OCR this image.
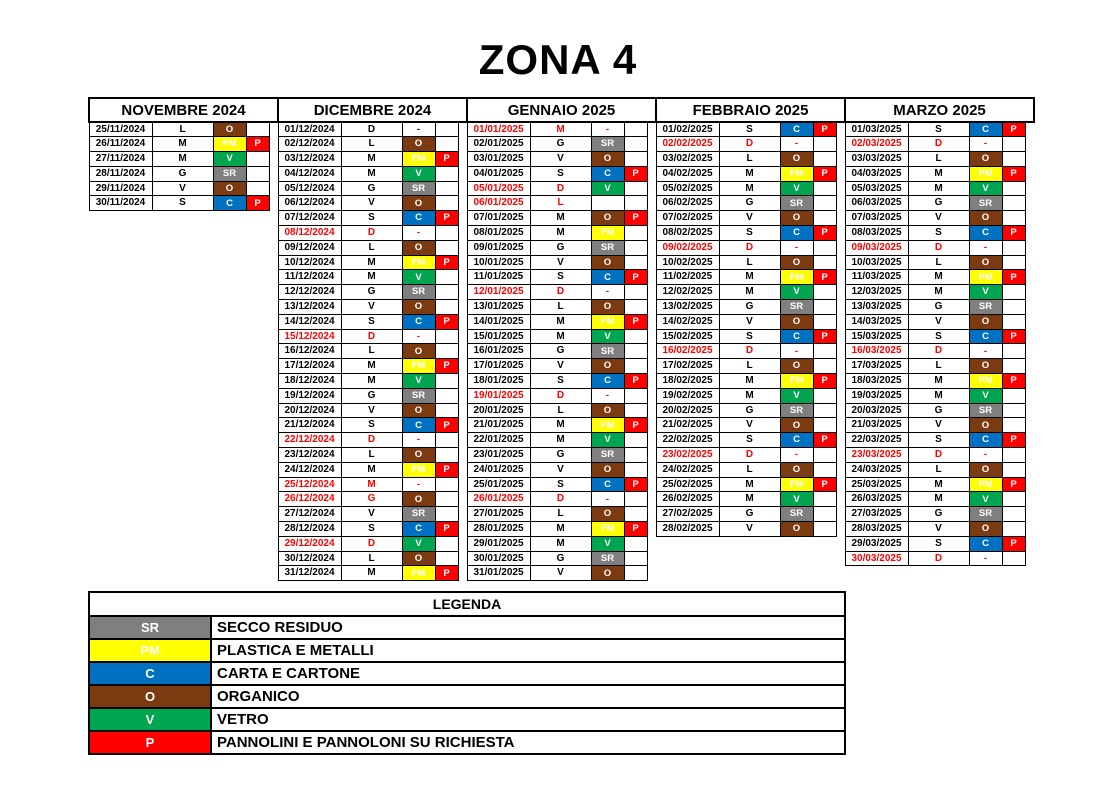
ZONA 4
NOVEMBRE 2024					DICEMBRE 2024					GENNAIO 2025					FEBBRAIO 2025					MARZO 2025				
25/11/2024	L	O			01/12/2024	D	-			01/01/2025	M	-			01/02/2025	S	C	P		01/03/2025	S	C	P	
26/11/2024	M	PM	P		02/12/2024	L	O			02/01/2025	G	SR			02/02/2025	D	-			02/03/2025	D	-		
27/11/2024	M	V			03/12/2024	M	PM	P		03/01/2025	V	O			03/02/2025	L	O			03/03/2025	L	O		
28/11/2024	G	SR			04/12/2024	M	V			04/01/2025	S	C	P		04/02/2025	M	PM	P		04/03/2025	M	PM	P	
29/11/2024	V	O			05/12/2024	G	SR			05/01/2025	D	V			05/02/2025	M	V			05/03/2025	M	V		
30/11/2024	S	C	P		06/12/2024	V	O			06/01/2025	L				06/02/2025	G	SR			06/03/2025	G	SR		
					07/12/2024	S	C	P		07/01/2025	M	O	P		07/02/2025	V	O			07/03/2025	V	O		
					08/12/2024	D	-			08/01/2025	M	PM			08/02/2025	S	C	P		08/03/2025	S	C	P	
					09/12/2024	L	O			09/01/2025	G	SR			09/02/2025	D	-			09/03/2025	D	-		
					10/12/2024	M	PM	P		10/01/2025	V	O			10/02/2025	L	O			10/03/2025	L	O		
					11/12/2024	M	V			11/01/2025	S	C	P		11/02/2025	M	PM	P		11/03/2025	M	PM	P	
					12/12/2024	G	SR			12/01/2025	D	-			12/02/2025	M	V			12/03/2025	M	V		
					13/12/2024	V	O			13/01/2025	L	O			13/02/2025	G	SR			13/03/2025	G	SR		
					14/12/2024	S	C	P		14/01/2025	M	PM	P		14/02/2025	V	O			14/03/2025	V	O		
					15/12/2024	D	-			15/01/2025	M	V			15/02/2025	S	C	P		15/03/2025	S	C	P	
					16/12/2024	L	O			16/01/2025	G	SR			16/02/2025	D	-			16/03/2025	D	-		
					17/12/2024	M	PM	P		17/01/2025	V	O			17/02/2025	L	O			17/03/2025	L	O		
					18/12/2024	M	V			18/01/2025	S	C	P		18/02/2025	M	PM	P		18/03/2025	M	PM	P	
					19/12/2024	G	SR			19/01/2025	D	-			19/02/2025	M	V			19/03/2025	M	V		
					20/12/2024	V	O			20/01/2025	L	O			20/02/2025	G	SR			20/03/2025	G	SR		
					21/12/2024	S	C	P		21/01/2025	M	PM	P		21/02/2025	V	O			21/03/2025	V	O		
					22/12/2024	D	-			22/01/2025	M	V			22/02/2025	S	C	P		22/03/2025	S	C	P	
					23/12/2024	L	O			23/01/2025	G	SR			23/02/2025	D	-			23/03/2025	D	-		
					24/12/2024	M	PM	P		24/01/2025	V	O			24/02/2025	L	O			24/03/2025	L	O		
					25/12/2024	M	-			25/01/2025	S	C	P		25/02/2025	M	PM	P		25/03/2025	M	PM	P	
					26/12/2024	G	O			26/01/2025	D	-			26/02/2025	M	V			26/03/2025	M	V		
					27/12/2024	V	SR			27/01/2025	L	O			27/02/2025	G	SR			27/03/2025	G	SR		
					28/12/2024	S	C	P		28/01/2025	M	PM	P		28/02/2025	V	O			28/03/2025	V	O		
					29/12/2024	D	V			29/01/2025	M	V								29/03/2025	S	C	P	
					30/12/2024	L	O			30/01/2025	G	SR								30/03/2025	D	-		
					31/12/2024	M	PM	P		31/01/2025	V	O												
LEGENDA	
SR	SECCO RESIDUO
PM	PLASTICA E METALLI
C	CARTA E CARTONE
O	ORGANICO
V	VETRO
P	PANNOLINI E PANNOLONI SU RICHIESTA
